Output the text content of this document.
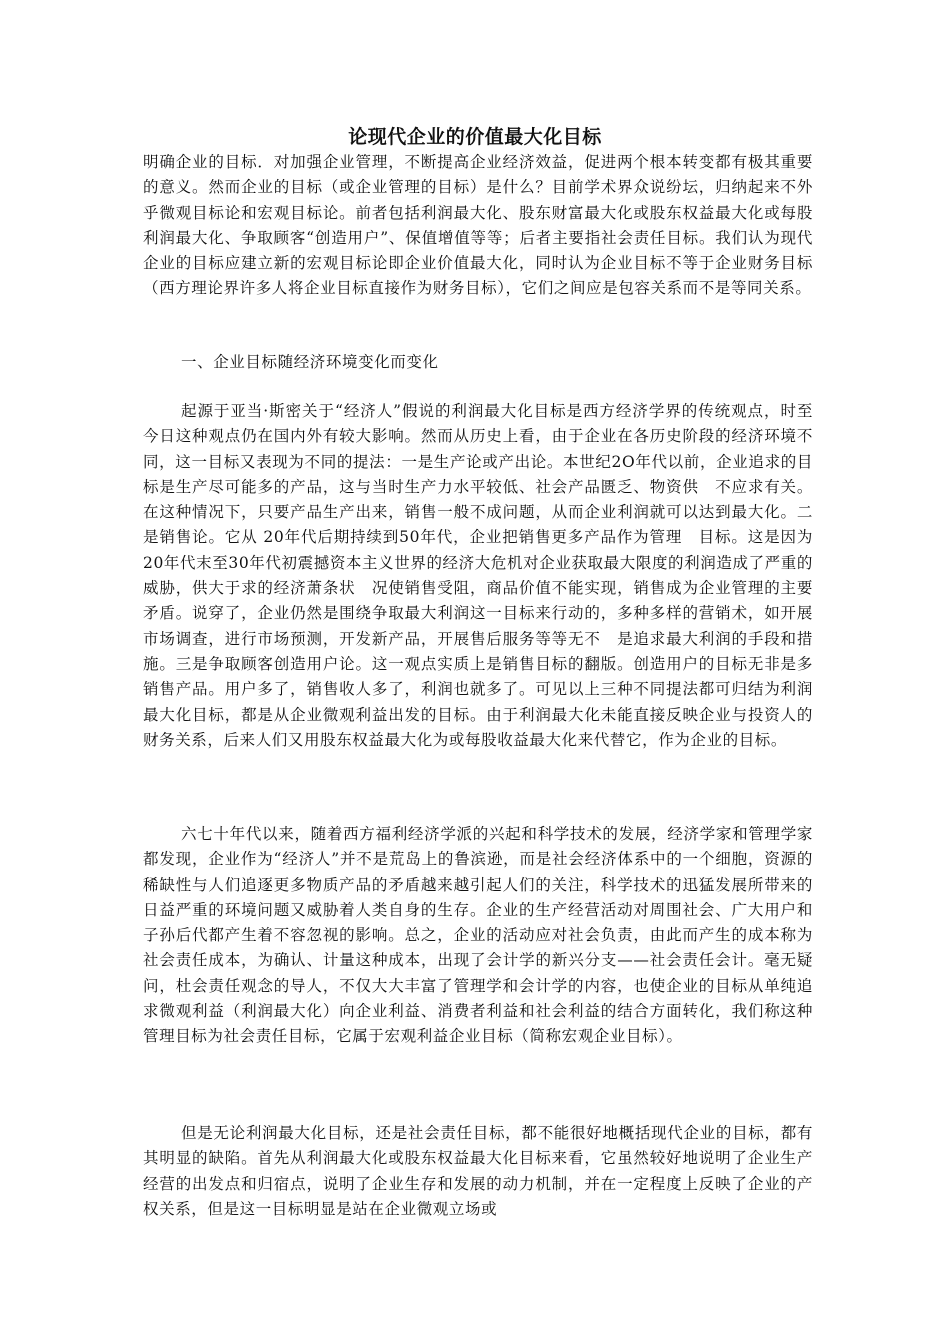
论现代企业的价值最大化目标

明确企业的目标．对加强企业管理，不断提高企业经济效益，促进两个根本转变都有极其重要的意义。然而企业的目标（或企业管理的目标）是什么？目前学术界众说纷坛，归纳起来不外乎微观目标论和宏观目标论。前者包括利润最大化、股东财富最大化或股东权益最大化或每股利润最大化、争取顾客“创造用户”、保值增值等等；后者主要指社会责任目标。我们认为现代企业的目标应建立新的宏观目标论即企业价值最大化，同时认为企业目标不等于企业财务目标（西方理论界许多人将企业目标直接作为财务目标），它们之间应是包容关系而不是等同关系。

一、企业目标随经济环境变化而变化

起源于亚当·斯密关于“经济人”假说的利润最大化目标是西方经济学界的传统观点，时至今日这种观点仍在国内外有较大影响。然而从历史上看，由于企业在各历史阶段的经济环境不同，这一目标又表现为不同的提法：一是生产论或产出论。本世纪2O年代以前，企业追求的目标是生产尽可能多的产品，这与当时生产力水平较低、社会产品匮乏、物资供　不应求有关。在这种情况下，只要产品生产出来，销售一般不成问题，从而企业利润就可以达到最大化。二是销售论。它从 20年代后期持续到50年代，企业把销售更多产品作为管理　目标。这是因为20年代末至30年代初震撼资本主义世界的经济大危机对企业获取最大限度的利润造成了严重的威胁，供大于求的经济萧条状　况使销售受阻，商品价值不能实现，销售成为企业管理的主要矛盾。说穿了，企业仍然是围绕争取最大利润这一目标来行动的，多种多样的营销术，如开展市场调查，进行市场预测，开发新产品，开展售后服务等等无不　是追求最大利润的手段和措施。三是争取顾客创造用户论。这一观点实质上是销售目标的翻版。创造用户的目标无非是多销售产品。用户多了，销售收人多了，利润也就多了。可见以上三种不同提法都可归结为利润最大化目标，都是从企业微观利益出发的目标。由于利润最大化未能直接反映企业与投资人的财务关系，后来人们又用股东权益最大化为或每股收益最大化来代替它，作为企业的目标。

六七十年代以来，随着西方福利经济学派的兴起和科学技术的发展，经济学家和管理学家都发现，企业作为“经济人”并不是荒岛上的鲁滨逊，而是社会经济体系中的一个细胞，资源的稀缺性与人们追逐更多物质产品的矛盾越来越引起人们的关注，科学技术的迅猛发展所带来的日益严重的环境问题又威胁着人类自身的生存。企业的生产经营活动对周围社会、广大用户和子孙后代都产生着不容忽视的影响。总之，企业的活动应对社会负责，由此而产生的成本称为社会责任成本，为确认、计量这种成本，出现了会计学的新兴分支——社会责任会计。毫无疑问，杜会责任观念的导人，不仅大大丰富了管理学和会计学的内容，也使企业的目标从单纯追求微观利益（利润最大化）向企业利益、消费者利益和社会利益的结合方面转化，我们称这种管理目标为社会责任目标，它属于宏观利益企业目标（简称宏观企业目标）。

但是无论利润最大化目标，还是社会责任目标，都不能很好地概括现代企业的目标，都有其明显的缺陷。首先从利润最大化或股东权益最大化目标来看，它虽然较好地说明了企业生产经营的出发点和归宿点，说明了企业生存和发展的动力机制，并在一定程度上反映了企业的产权关系，但是这一目标明显是站在企业微观立场或
